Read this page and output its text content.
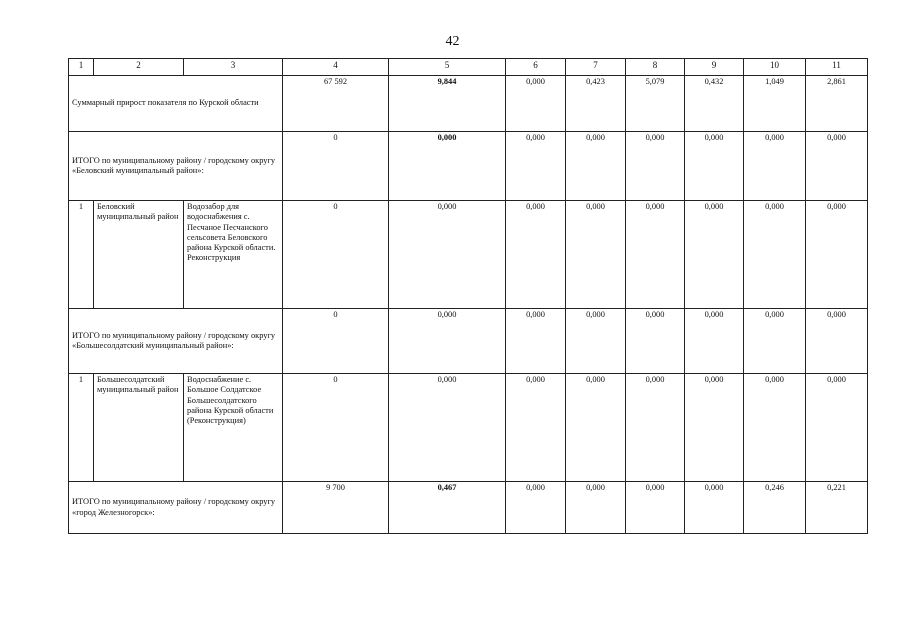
42
1	2	3	4	5	6	7	8	9	10	11
Суммарный прирост показателя по Курской области			67 592	9,844	0,000	0,423	5,079	0,432	1,049	2,861
ИТОГО по муниципальному району / городскому округу «Беловский муниципальный район»:			0	0,000	0,000	0,000	0,000	0,000	0,000	0,000
1	Беловский муниципальный район	Водозабор для водоснабжения с. Песчаное Песчанского сельсовета Беловского района Курской области. Реконструкция	0	0,000	0,000	0,000	0,000	0,000	0,000	0,000
ИТОГО по муниципальному району / городскому округу «Большесолдатский муниципальный район»:			0	0,000	0,000	0,000	0,000	0,000	0,000	0,000
1	Большесолдатский муниципальный район	Водоснабжение с. Большое Солдатское Большесолдатского района Курской области (Реконструкция)	0	0,000	0,000	0,000	0,000	0,000	0,000	0,000
ИТОГО по муниципальному району / городскому округу «город Железногорск»:			9 700	0,467	0,000	0,000	0,000	0,000	0,246	0,221
